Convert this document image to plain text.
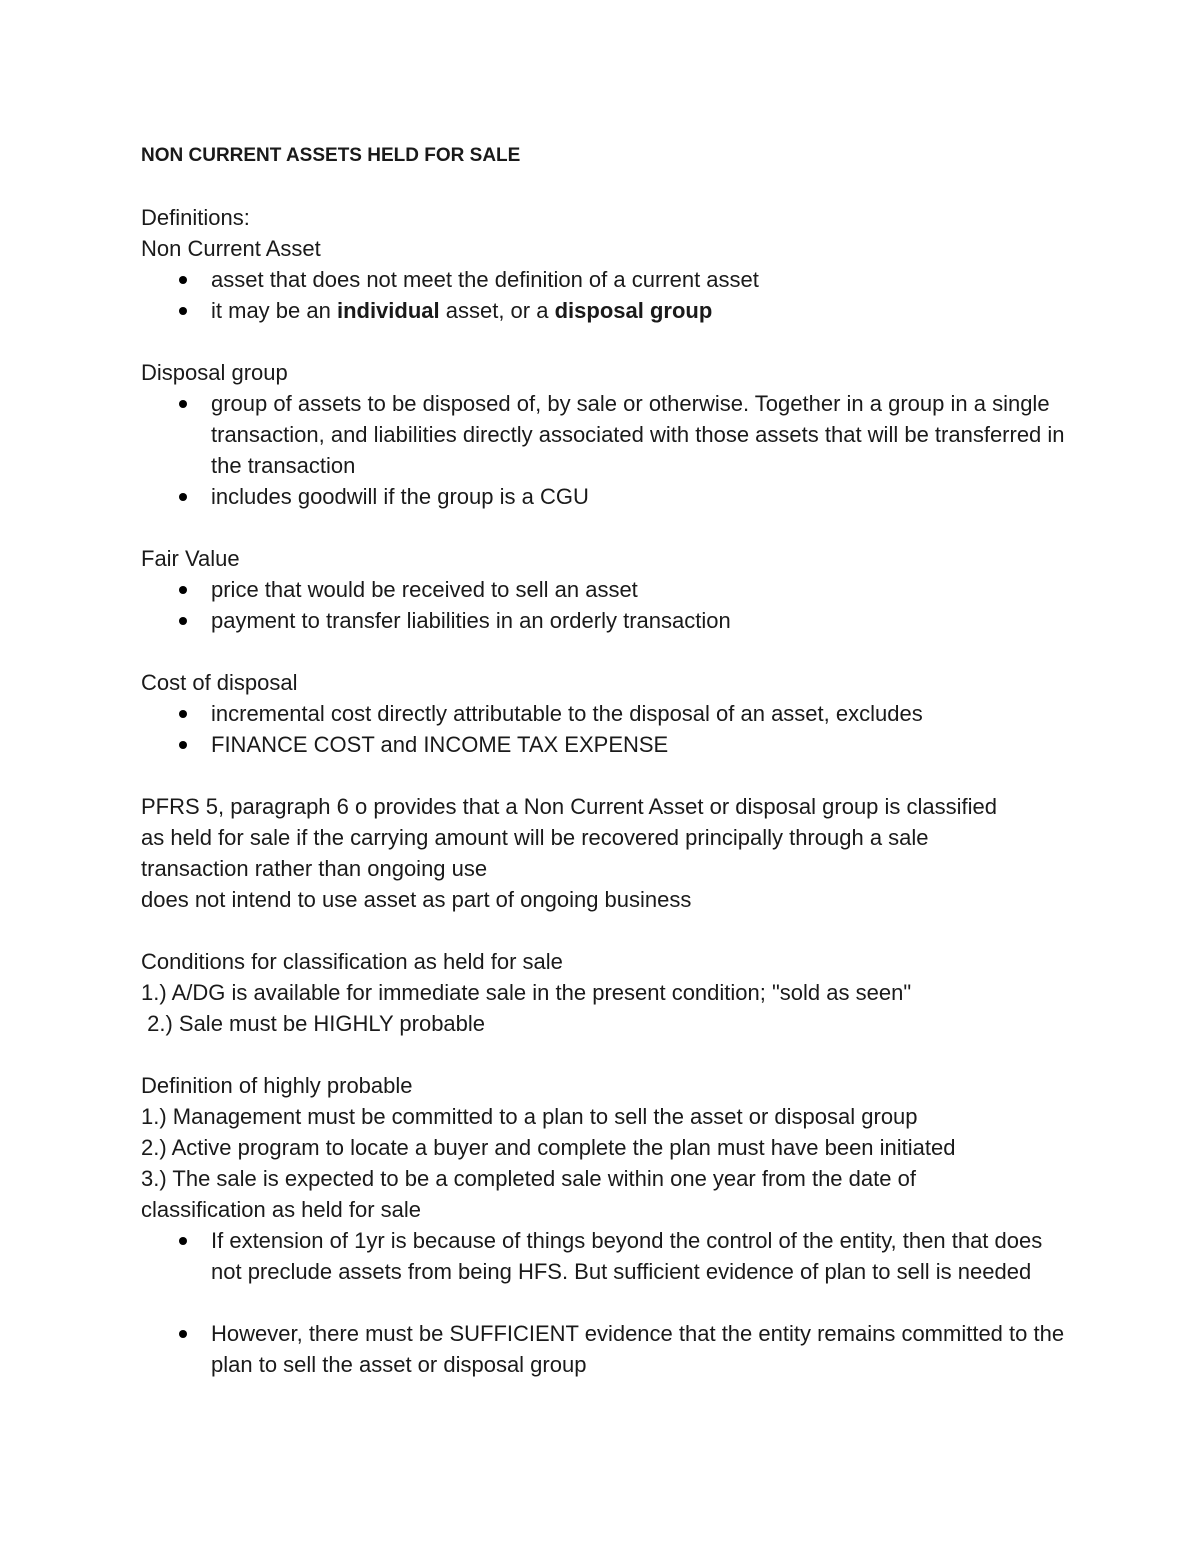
NON CURRENT ASSETS HELD FOR SALE
Definitions:
Non Current Asset
asset that does not meet the definition of a current asset
it may be an individual asset, or a disposal group
Disposal group
group of assets to be disposed of, by sale or otherwise. Together in a group in a single transaction, and liabilities directly associated with those assets that will be transferred in the transaction
includes goodwill if the group is a CGU
Fair Value
price that would be received to sell an asset
payment to transfer liabilities in an orderly transaction
Cost of disposal
incremental cost directly attributable to the disposal of an asset, excludes
FINANCE COST and INCOME TAX EXPENSE
PFRS 5, paragraph 6 o provides that a Non Current Asset or disposal group is classified
as held for sale if the carrying amount will be recovered principally through a sale
transaction rather than ongoing use
does not intend to use asset as part of ongoing business
Conditions for classification as held for sale
1.) A/DG is available for immediate sale in the present condition; "sold as seen"
2.) Sale must be HIGHLY probable
Definition of highly probable
1.) Management must be committed to a plan to sell the asset or disposal group
2.) Active program to locate a buyer and complete the plan must have been initiated
3.) The sale is expected to be a completed sale within one year from the date of
classification as held for sale
If extension of 1yr is because of things beyond the control of the entity, then that does not preclude assets from being HFS. But sufficient evidence of plan to sell is needed
However, there must be SUFFICIENT evidence that the entity remains committed to the plan to sell the asset or disposal group
